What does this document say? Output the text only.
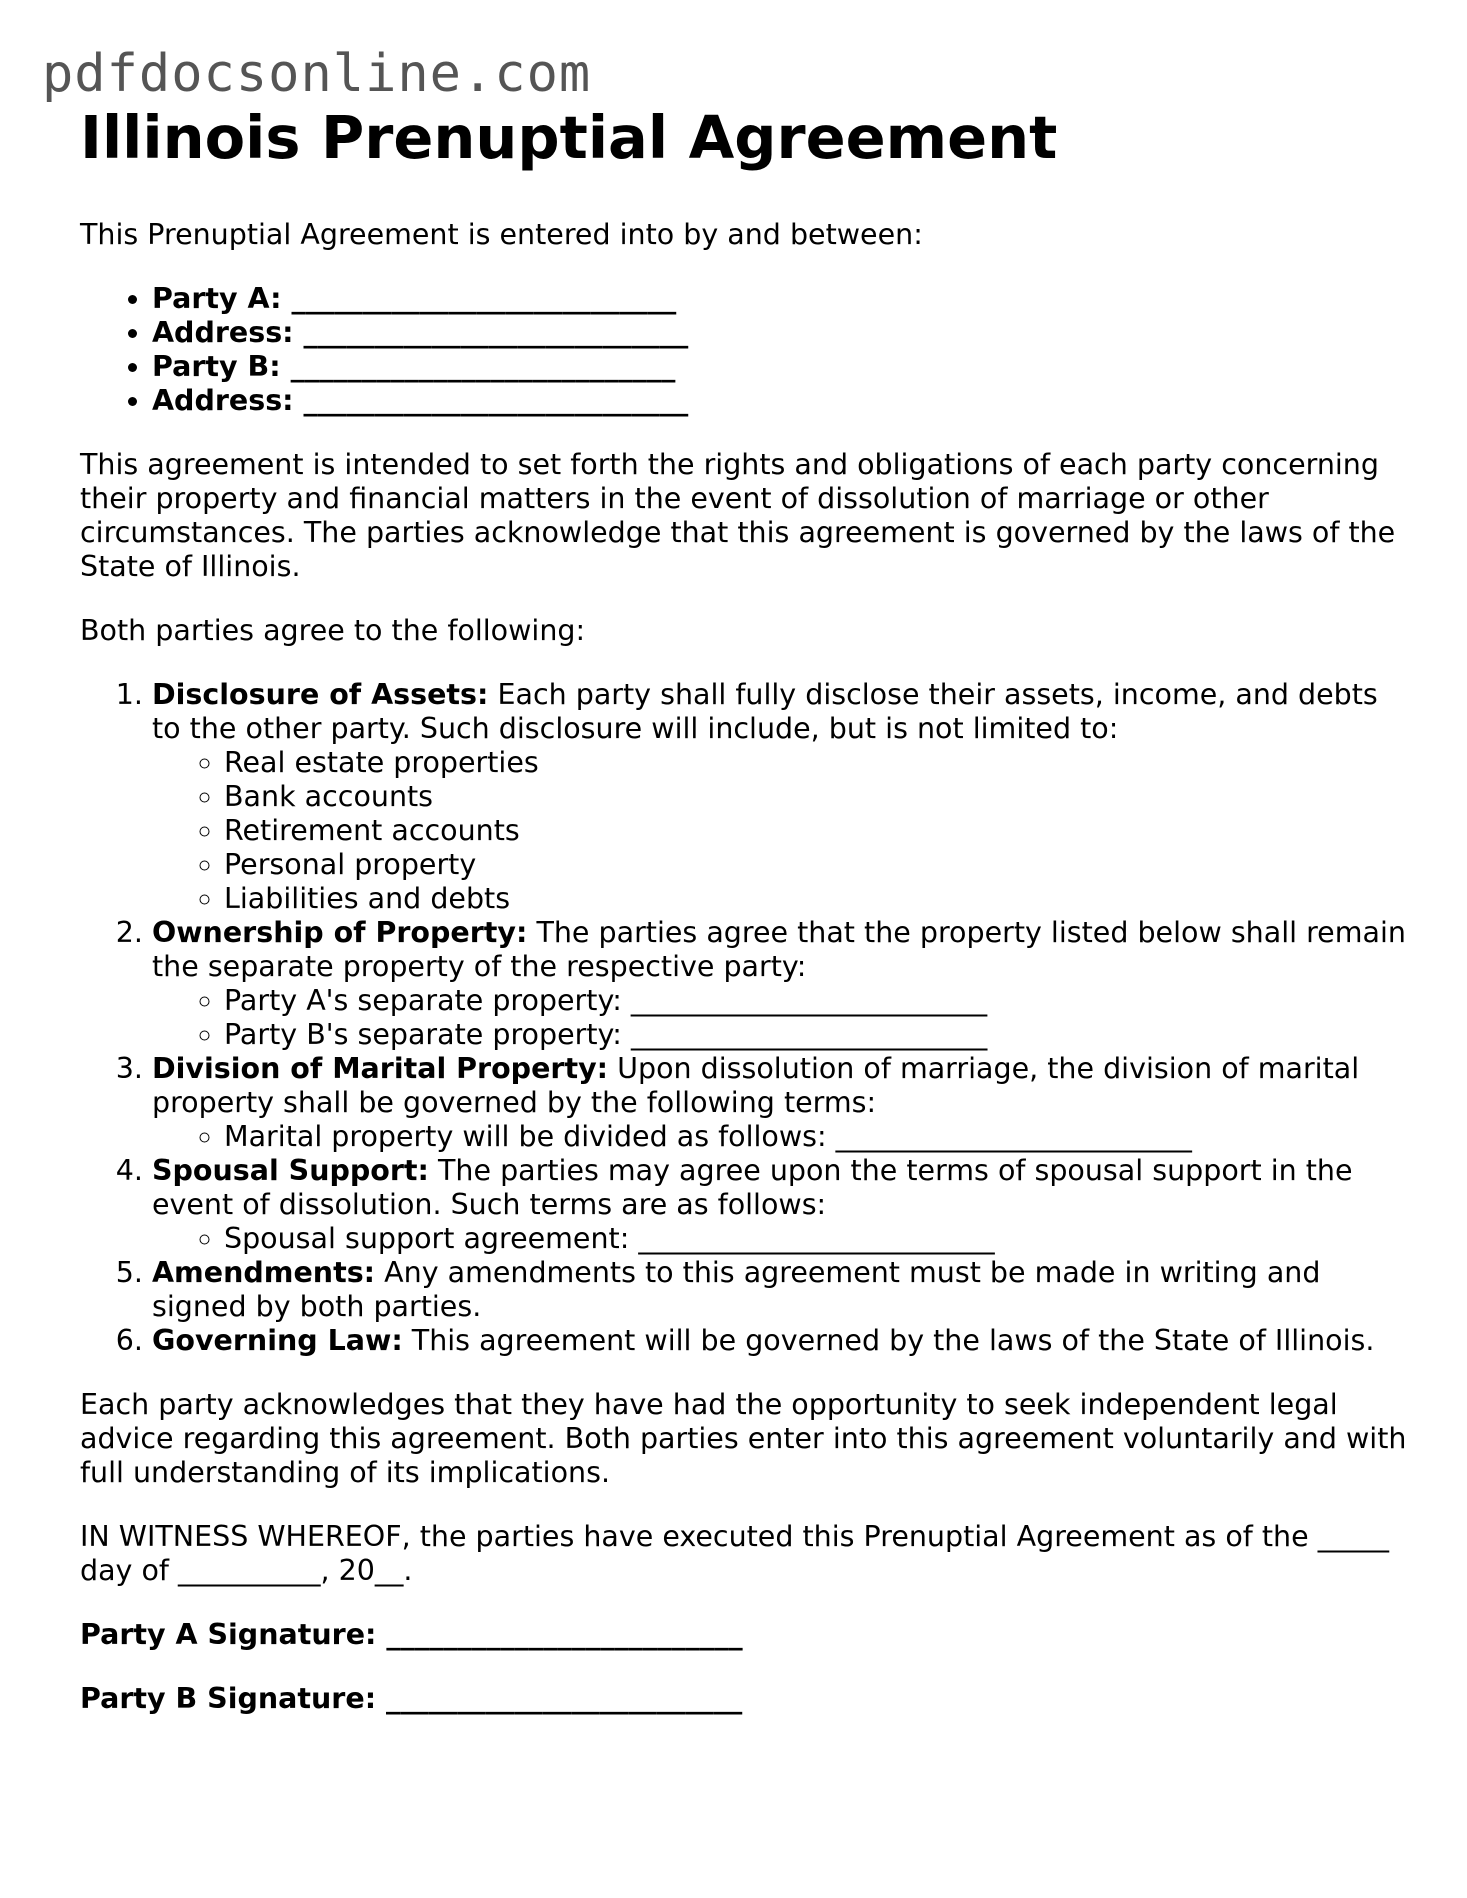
pdfdocsonline.com
Illinois Prenuptial Agreement

This Prenuptial Agreement is entered into by and between:

• Party A: ___________________________
• Address: ___________________________
• Party B: ___________________________
• Address: ___________________________

This agreement is intended to set forth the rights and obligations of each party concerning their property and financial matters in the event of dissolution of marriage or other circumstances. The parties acknowledge that this agreement is governed by the laws of the State of Illinois.

Both parties agree to the following:

1. Disclosure of Assets: Each party shall fully disclose their assets, income, and debts to the other party. Such disclosure will include, but is not limited to:
◦ Real estate properties
◦ Bank accounts
◦ Retirement accounts
◦ Personal property
◦ Liabilities and debts
2. Ownership of Property: The parties agree that the property listed below shall remain the separate property of the respective party:
◦ Party A's separate property: _________________________
◦ Party B's separate property: _________________________
3. Division of Marital Property: Upon dissolution of marriage, the division of marital property shall be governed by the following terms:
◦ Marital property will be divided as follows: _________________________
4. Spousal Support: The parties may agree upon the terms of spousal support in the event of dissolution. Such terms are as follows:
◦ Spousal support agreement: _________________________
5. Amendments: Any amendments to this agreement must be made in writing and signed by both parties.
6. Governing Law: This agreement will be governed by the laws of the State of Illinois.

Each party acknowledges that they have had the opportunity to seek independent legal advice regarding this agreement. Both parties enter into this agreement voluntarily and with full understanding of its implications.

IN WITNESS WHEREOF, the parties have executed this Prenuptial Agreement as of the _____ day of __________, 20__.

Party A Signature: _________________________

Party B Signature: _________________________
